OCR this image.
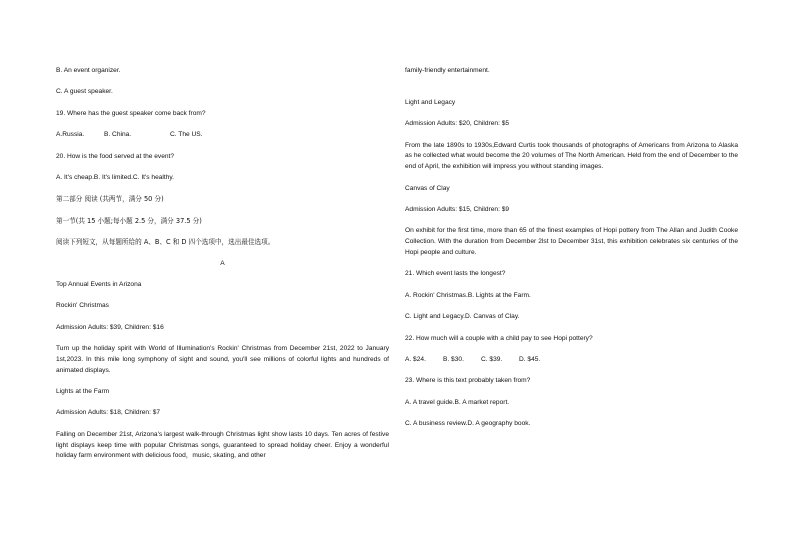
B. An event organizer.

C. A guest speaker.

19. Where has the guest speaker come back from?

A.Russia.	B. China.	C. The US.

20. How is the food served at the event?

A. It's cheap.B. It's limited.C. It's healthy.

第二部分 阅读 (共两节，满分 50 分)

第一节(共 15 小题;每小题 2.5 分，满分 37.5 分)

阅读下列短文，从每题所给的 A、B、C 和 D 四个选项中，选出最佳选项。

A

Top Annual Events in Arizona

Rockin' Christmas

Admission Adults: $39, Children: $16

Turn up the holiday spirit with World of Illumination's Rockin' Christmas from December 21st, 2022 to January 1st,2023. In this mile long symphony of sight and sound, you'll see millions of colorful lights and hundreds of animated displays.

Lights at the Farm

Admission Adults: $18, Children: $7

Falling on December 21st, Arizona's largest walk-through Christmas light show lasts 10 days. Ten acres of festive light displays keep time with popular Christmas songs, guaranteed to spread holiday cheer. Enjoy a wonderful holiday farm environment with delicious food，music, skating, and other

family-friendly entertainment.

Light and Legacy

Admission Adults: $20, Children: $5

From the late 1890s to 1930s,Edward Curtis took thousands of photographs of Americans from Arizona to Alaska as he collected what would become the 20 volumes of The North American. Held from the end of December to the end of April, the exhibition will impress you without standing images.

Canvas of Clay

Admission Adults: $15, Children: $9

On exhibit for the first time, more than 65 of the finest examples of Hopi pottery from The Allan and Judith Cooke Collection. With the duration from December 2lst to December 31st, this exhibition celebrates six centuries of the Hopi people and culture.

21. Which event lasts the longest?

A. Rockin' Christmas.B. Lights at the Farm.

C. Light and Legacy.D. Canvas of Clay.

22. How much will a couple with a child pay to see Hopi pottery?

A. $24.	B. $30.	C. $39.	D. $45.

23. Where is this text probably taken from?

A. A travel guide.B. A market report.

C. A business review.D. A geography book.
